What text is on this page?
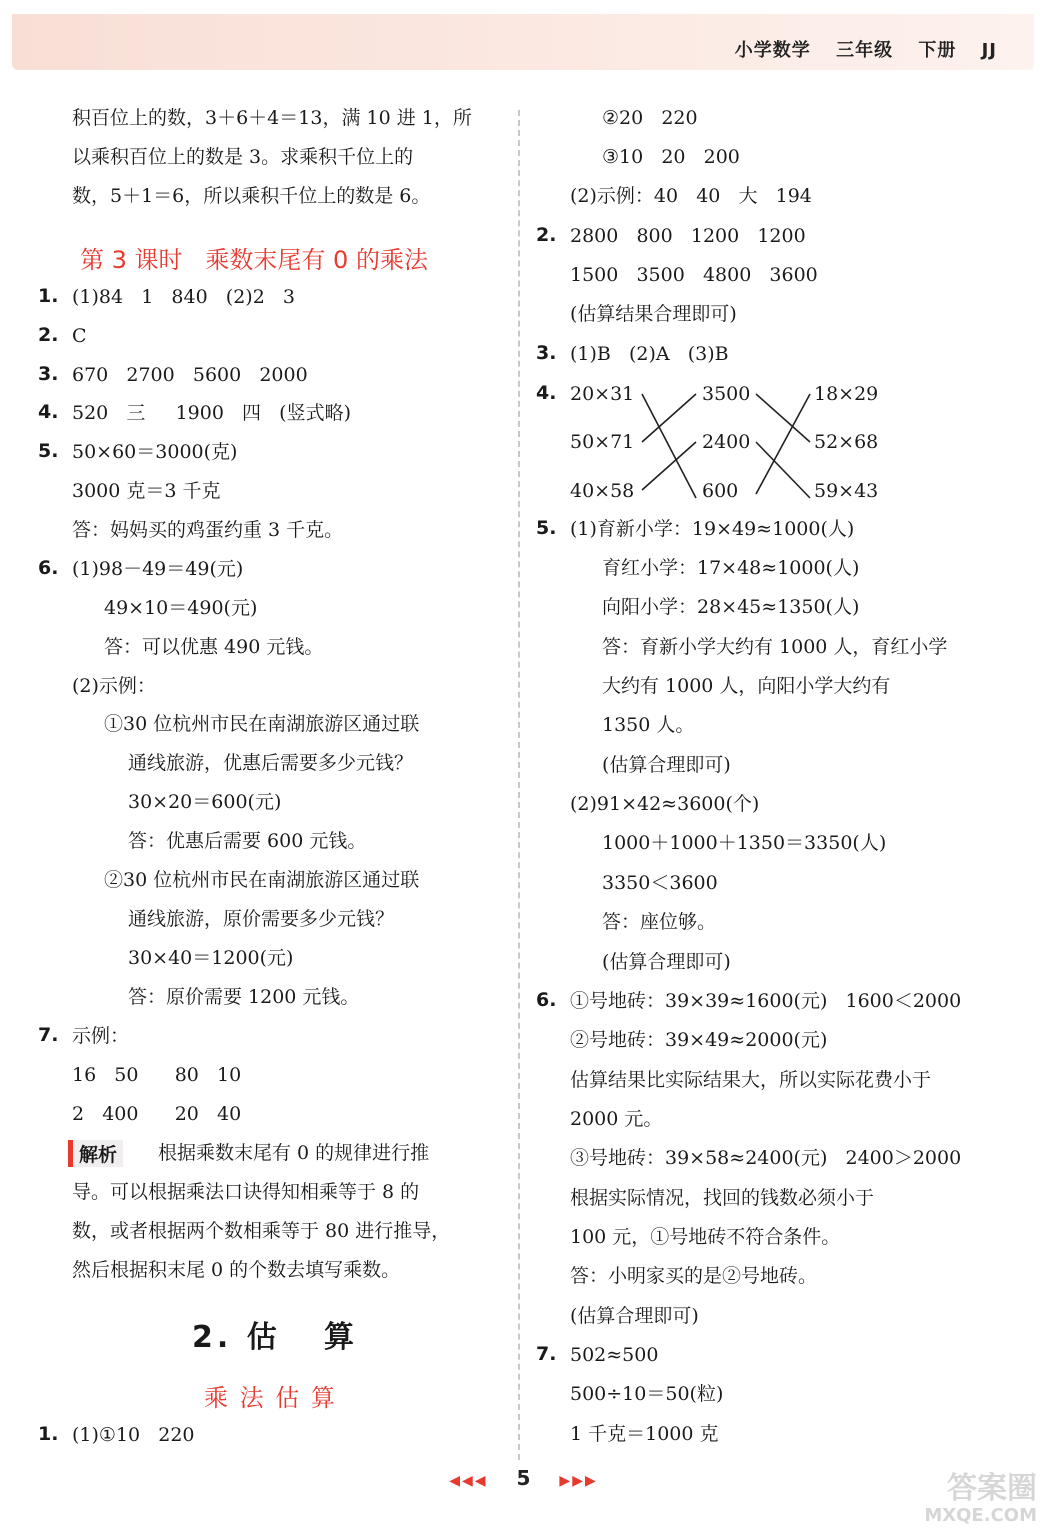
小学数学 三年级 下册 JJ
积百位上的数，3＋6＋4＝13，满 10 进 1，所
以乘积百位上的数是 3。求乘积千位上的
数，5＋1＝6，所以乘积千位上的数是 6。
第 3 课时   乘数末尾有 0 的乘法
1. (1)84   1   840   (2)2   3
2. C
3. 670   2700   5600   2000
4. 520   三     1900   四   (竖式略)
5. 50×60＝3000(克)
3000 克＝3 千克
答：妈妈买的鸡蛋约重 3 千克。
6. (1)98－49＝49(元)
49×10＝490(元)
答：可以优惠 490 元钱。
(2)示例：
①30 位杭州市民在南湖旅游区通过联
通线旅游，优惠后需要多少元钱？
30×20＝600(元)
答：优惠后需要 600 元钱。
②30 位杭州市民在南湖旅游区通过联
通线旅游，原价需要多少元钱？
30×40＝1200(元)
答：原价需要 1200 元钱。
7. 示例：
16   50      80   10
2   400      20   40
解析	根据乘数末尾有 0 的规律进行推
导。可以根据乘法口诀得知相乘等于 8 的
数，或者根据两个数相乘等于 80 进行推导，
然后根据积末尾 0 的个数去填写乘数。
2. 估   算
乘 法 估 算
1. (1)①10   220
②20   220
③10   20   200
(2)示例：40   40   大   194
2. 2800   800   1200   1200
1500   3500   4800   3600
(估算结果合理即可)
3. (1)B   (2)A   (3)B
4. 20×31
50×71
40×58
3500
2400
600
18×29
52×68
59×43
5. (1)育新小学：19×49≈1000(人)
育红小学：17×48≈1000(人)
向阳小学：28×45≈1350(人)
答：育新小学大约有 1000 人，育红小学
大约有 1000 人，向阳小学大约有
1350 人。
(估算合理即可)
(2)91×42≈3600(个)
1000＋1000＋1350＝3350(人)
3350＜3600
答：座位够。
(估算合理即可)
6. ①号地砖：39×39≈1600(元)   1600＜2000
②号地砖：39×49≈2000(元)
估算结果比实际结果大，所以实际花费小于
2000 元。
③号地砖：39×58≈2400(元)   2400＞2000
根据实际情况，找回的钱数必须小于
100 元，①号地砖不符合条件。
答：小明家买的是②号地砖。
(估算合理即可)
7. 502≈500
500÷10＝50(粒)
1 千克＝1000 克
◀◀◀ 5 ▶▶▶	答案圈
MXQE.COM
